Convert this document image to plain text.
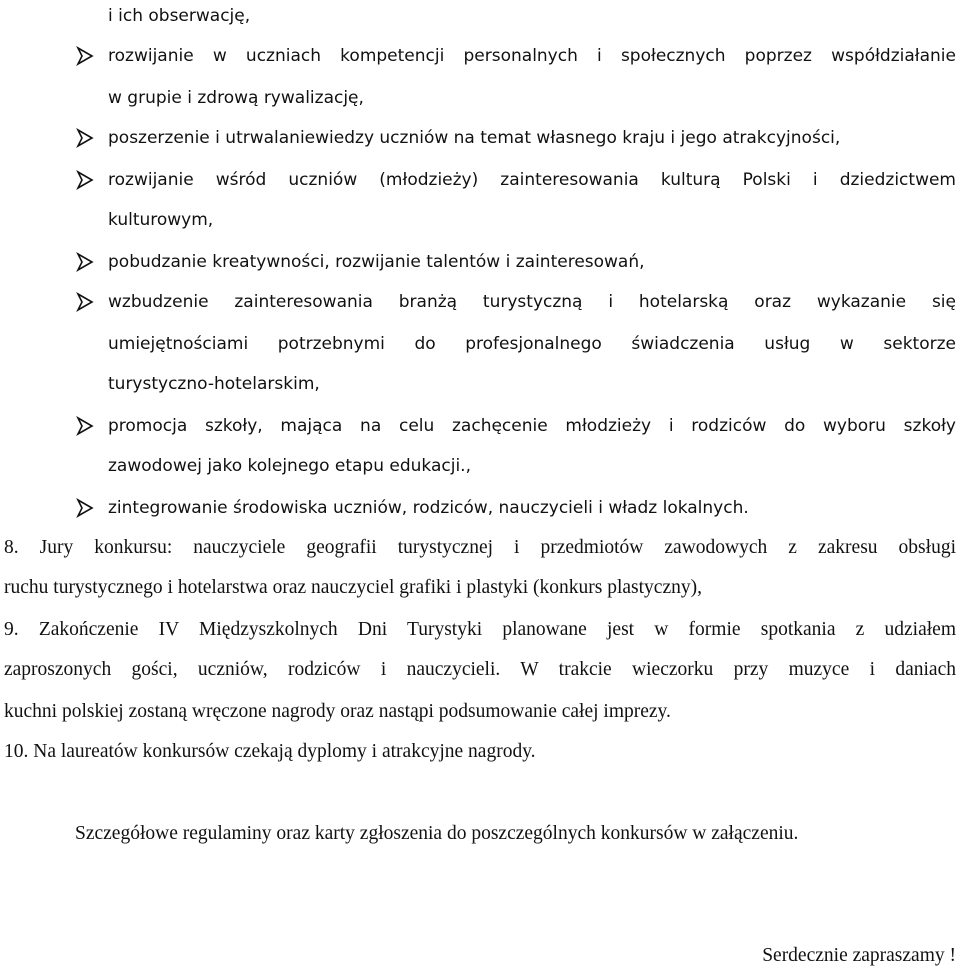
i ich obserwację,
rozwijanie w uczniach kompetencji personalnych i społecznych poprzez współdziałanie
w grupie i zdrową rywalizację,
poszerzenie i utrwalaniewiedzy uczniów na temat własnego kraju i jego atrakcyjności,
rozwijanie wśród uczniów (młodzieży) zainteresowania kulturą Polski i dziedzictwem
kulturowym,
pobudzanie kreatywności, rozwijanie talentów i zainteresowań,
wzbudzenie zainteresowania branżą turystyczną i hotelarską oraz wykazanie się
umiejętnościami potrzebnymi do profesjonalnego świadczenia usług w sektorze
turystyczno-hotelarskim,
promocja szkoły, mająca na celu zachęcenie młodzieży i rodziców do wyboru szkoły
zawodowej jako kolejnego etapu edukacji.,
zintegrowanie środowiska uczniów, rodziców, nauczycieli i władz lokalnych.
8. Jury konkursu: nauczyciele geografii turystycznej i przedmiotów zawodowych z zakresu obsługi
ruchu turystycznego i hotelarstwa oraz nauczyciel grafiki i plastyki (konkurs plastyczny),
9. Zakończenie IV Międzyszkolnych Dni Turystyki planowane jest w formie spotkania z udziałem
zaproszonych gości, uczniów, rodziców i nauczycieli. W trakcie wieczorku przy muzyce i daniach
kuchni polskiej zostaną wręczone nagrody oraz nastąpi podsumowanie całej imprezy.
10. Na laureatów konkursów czekają dyplomy i atrakcyjne nagrody.
Szczegółowe regulaminy oraz karty zgłoszenia do poszczególnych konkursów w załączeniu.
Serdecznie zapraszamy !
